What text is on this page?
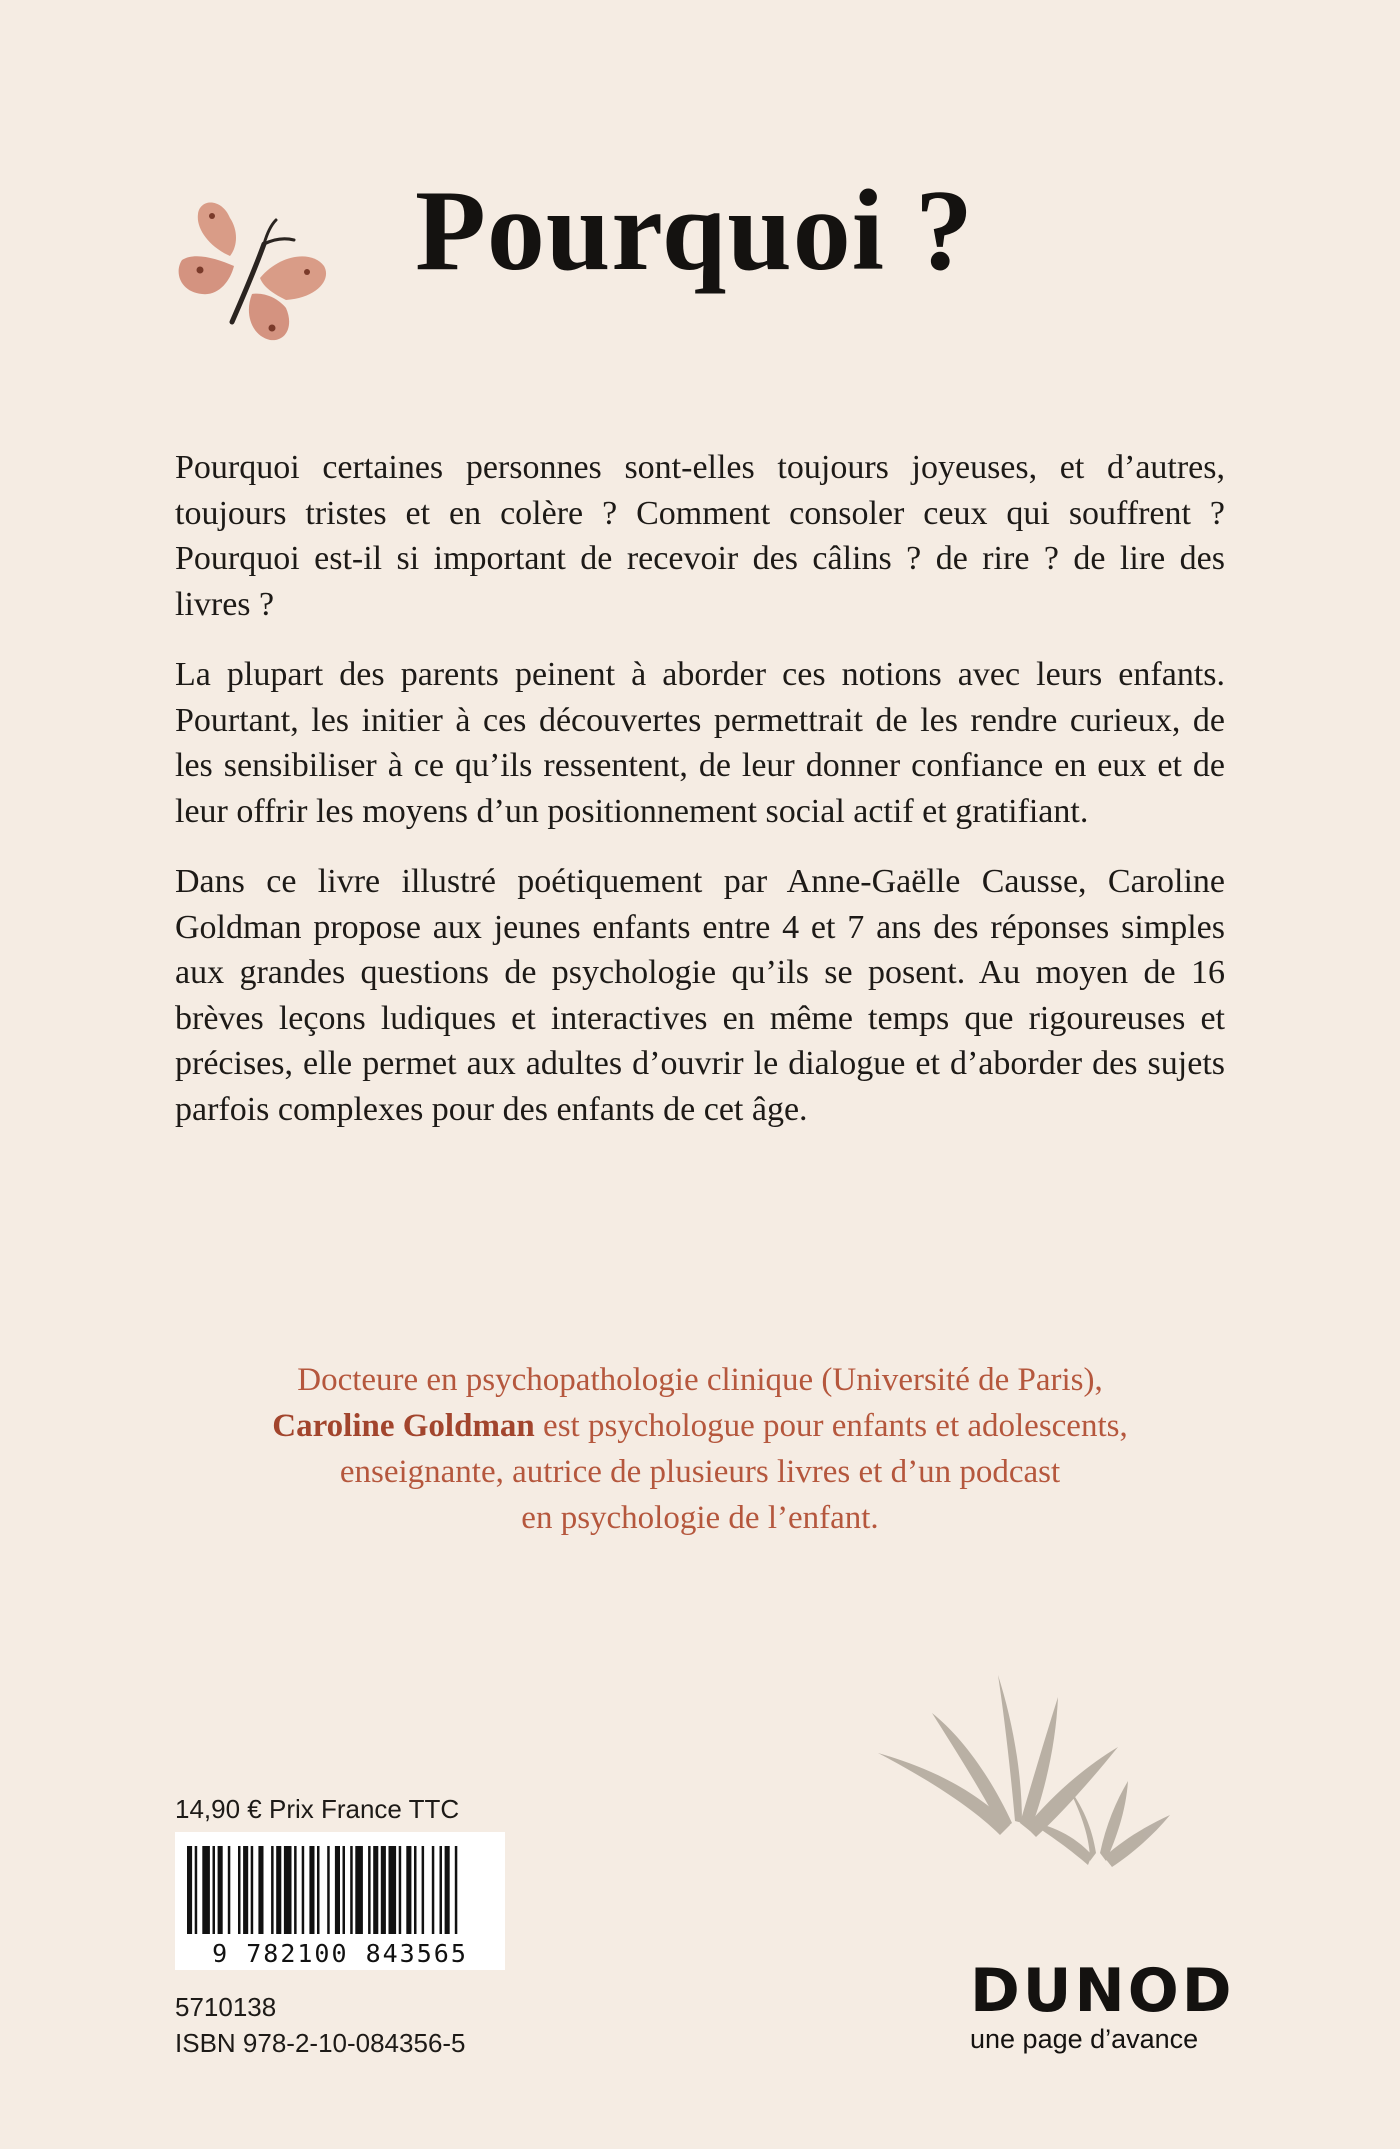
Pourquoi ?

Pourquoi certaines personnes sont-elles toujours joyeuses, et d’autres, toujours tristes et en colère ? Comment consoler ceux qui souffrent ? Pourquoi est-il si important de recevoir des câlins ? de rire ? de lire des livres ?

La plupart des parents peinent à aborder ces notions avec leurs enfants. Pourtant, les initier à ces découvertes permettrait de les rendre curieux, de les sensibiliser à ce qu’ils ressentent, de leur donner confiance en eux et de leur offrir les moyens d’un positionnement social actif et gratifiant.

Dans ce livre illustré poétiquement par Anne-Gaëlle Causse, Caroline Goldman propose aux jeunes enfants entre 4 et 7 ans des réponses simples aux grandes questions de psychologie qu’ils se posent. Au moyen de 16 brèves leçons ludiques et interactives en même temps que rigoureuses et précises, elle permet aux adultes d’ouvrir le dialogue et d’aborder des sujets parfois complexes pour des enfants de cet âge.

Docteure en psychopathologie clinique (Université de Paris),
Caroline Goldman est psychologue pour enfants et adolescents,
enseignante, autrice de plusieurs livres et d’un podcast
en psychologie de l’enfant.
14,90 € Prix France TTC
9 782100 843565
5710138
ISBN 978-2-10-084356-5
DUNOD
une page d’avance
